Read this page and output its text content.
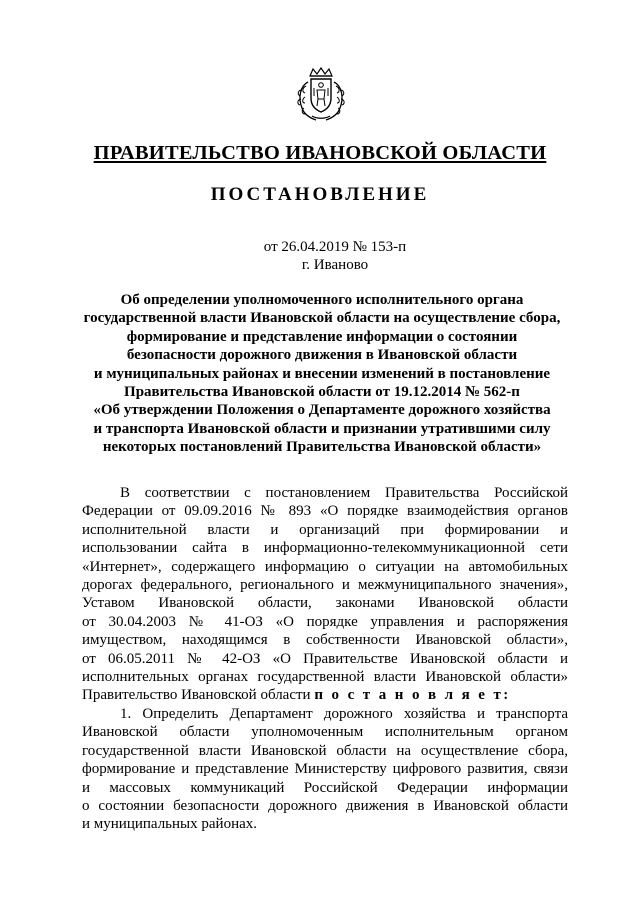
ПРАВИТЕЛЬСТВО ИВАНОВСКОЙ ОБЛАСТИ
ПОСТАНОВЛЕНИЕ
от 26.04.2019 № 153-п
г. Иваново
Об определении уполномоченного исполнительного органа
государственной власти Ивановской области на осуществление сбора,
формирование и представление информации о состоянии
безопасности дорожного движения в Ивановской области
и муниципальных районах и внесении изменений в постановление
Правительства Ивановской области от 19.12.2014 № 562-п
«Об утверждении Положения о Департаменте дорожного хозяйства
и транспорта Ивановской области и признании утратившими силу
некоторых постановлений Правительства Ивановской области»
В соответствии с постановлением Правительства Российской
Федерации от 09.09.2016 № 893 «О порядке взаимодействия органов
исполнительной власти и организаций при формировании и
использовании сайта в информационно-телекоммуникационной сети
«Интернет», содержащего информацию о ситуации на автомобильных
дорогах федерального, регионального и межмуниципального значения»,
Уставом Ивановской области, законами Ивановской области
от 30.04.2003 № 41-ОЗ «О порядке управления и распоряжения
имуществом, находящимся в собственности Ивановской области»,
от 06.05.2011 № 42-ОЗ «О Правительстве Ивановской области и
исполнительных органах государственной власти Ивановской области»
Правительство Ивановской области п о с т а н о в л я е т:
1. Определить Департамент дорожного хозяйства и транспорта
Ивановской области уполномоченным исполнительным органом
государственной власти Ивановской области на осуществление сбора,
формирование и представление Министерству цифрового развития, связи
и массовых коммуникаций Российской Федерации информации
о состоянии безопасности дорожного движения в Ивановской области
и муниципальных районах.
